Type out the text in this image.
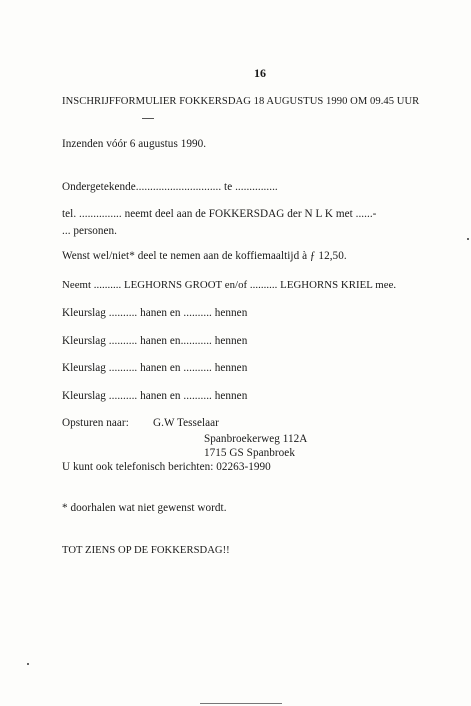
16
INSCHRIJFFORMULIER FOKKERSDAG 18 AUGUSTUS 1990 OM 09.45 UUR
Inzenden vóór 6 augustus 1990.
Ondergetekende.............................. te ...............
tel. ............... neemt deel aan de FOKKERSDAG der N L K met ......-
... personen.
Wenst wel/niet* deel te nemen aan de koffiemaaltijd à ƒ 12,50.
Neemt .......... LEGHORNS GROOT en/of .......... LEGHORNS KRIEL mee.
Kleurslag .......... hanen en .......... hennen
Kleurslag .......... hanen en........... hennen
Kleurslag .......... hanen en .......... hennen
Kleurslag .......... hanen en .......... hennen
Opsturen naar: G.W Tesselaar
Spanbroekerweg 112A
1715 GS Spanbroek
U kunt ook telefonisch berichten: 02263-1990
* doorhalen wat niet gewenst wordt.
TOT ZIENS OP DE FOKKERSDAG!!
